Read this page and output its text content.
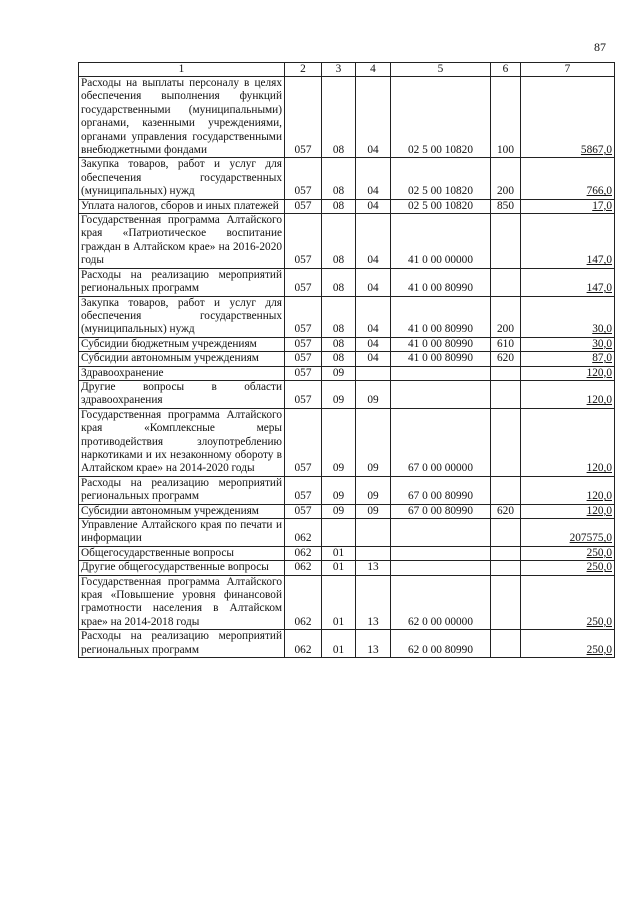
87
1	2	3	4	5	6	7
Расходы на выплаты персоналу в целях обеспечения выполнения функций государственными (муниципальными) органами, казенными учреждениями, органами управления государственными внебюджетными фондами	057	08	04	02 5 00 10820	100	5867,0
Закупка товаров, работ и услуг для обеспечения государственных (муниципальных) нужд	057	08	04	02 5 00 10820	200	766,0
Уплата налогов, сборов и иных платежей	057	08	04	02 5 00 10820	850	17,0
Государственная программа Алтайского края «Патриотическое воспитание граждан в Алтайском крае» на 2016-2020 годы	057	08	04	41 0 00 00000		147,0
Расходы на реализацию мероприятий региональных программ	057	08	04	41 0 00 80990		147,0
Закупка товаров, работ и услуг для обеспечения государственных (муниципальных) нужд	057	08	04	41 0 00 80990	200	30,0
Субсидии бюджетным учреждениям	057	08	04	41 0 00 80990	610	30,0
Субсидии автономным учреждениям	057	08	04	41 0 00 80990	620	87,0
Здравоохранение	057	09				120,0
Другие вопросы в области здравоохранения	057	09	09			120,0
Государственная программа Алтайского края «Комплексные меры противодействия злоупотреблению наркотиками и их незаконному обороту в Алтайском крае» на 2014-2020 годы	057	09	09	67 0 00 00000		120,0
Расходы на реализацию мероприятий региональных программ	057	09	09	67 0 00 80990		120,0
Субсидии автономным учреждениям	057	09	09	67 0 00 80990	620	120,0
Управление Алтайского края по печати и информации	062					207575,0
Общегосударственные вопросы	062	01				250,0
Другие общегосударственные вопросы	062	01	13			250,0
Государственная программа Алтайского края «Повышение уровня финансовой грамотности населения в Алтайском крае» на 2014-2018 годы	062	01	13	62 0 00 00000		250,0
Расходы на реализацию мероприятий региональных программ	062	01	13	62 0 00 80990		250,0
